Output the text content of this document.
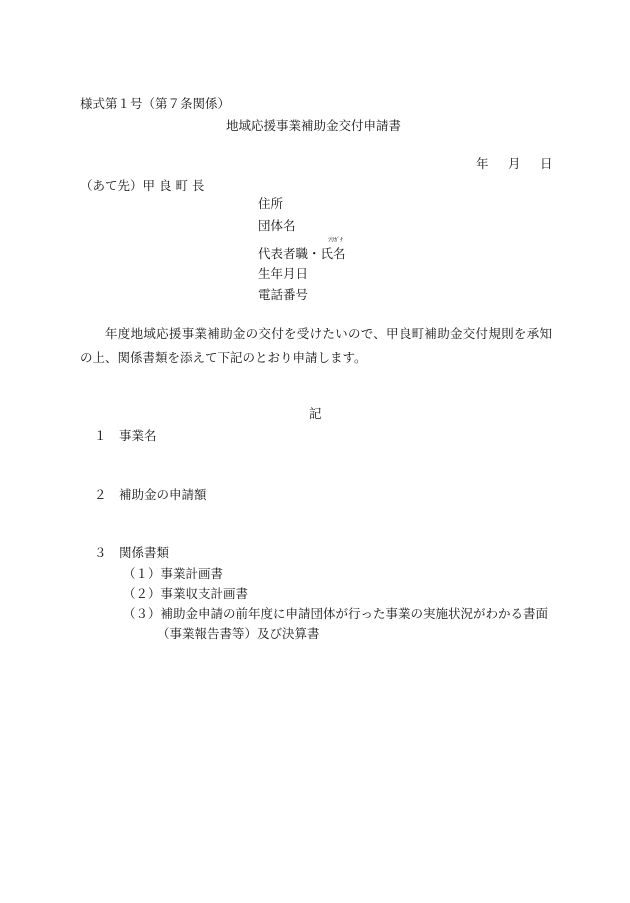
様式第１号（第７条関係）
地域応援事業補助金交付申請書
年 月 日
（あて先）甲 良 町 長
住所
団体名
ﾌﾘｶﾞﾅ
代表者職・氏名
生年月日
電話番号
年度地域応援事業補助金の交付を受けたいので、甲良町補助金交付規則を承知の上、関係書類を添えて下記のとおり申請します。
記
１　事業名
２　補助金の申請額
３　関係書類
（１）事業計画書
（２）事業収支計画書
（３）補助金申請の前年度に申請団体が行った事業の実施状況がわかる書面
（事業報告書等）及び決算書
